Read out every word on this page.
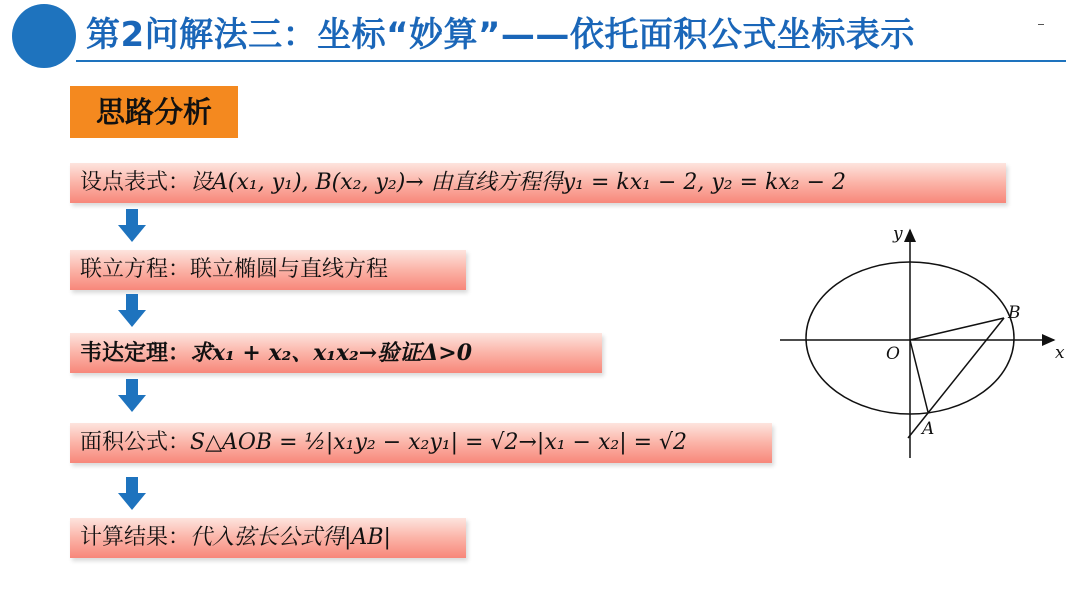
第2问解法三：坐标“妙算”——依托面积公式坐标表示
思路分析
设点表式：设A(x₁, y₁), B(x₂, y₂)→ 由直线方程得y₁ = kx₁ − 2, y₂ = kx₂ − 2
联立方程：联立椭圆与直线方程
韦达定理：求x₁ + x₂、x₁x₂→验证Δ>0
面积公式：S△AOB = ½|x₁y₂ − x₂y₁| = √2→|x₁ − x₂| = √2
计算结果：代入弦长公式得|AB|
x
y
O
A
B
